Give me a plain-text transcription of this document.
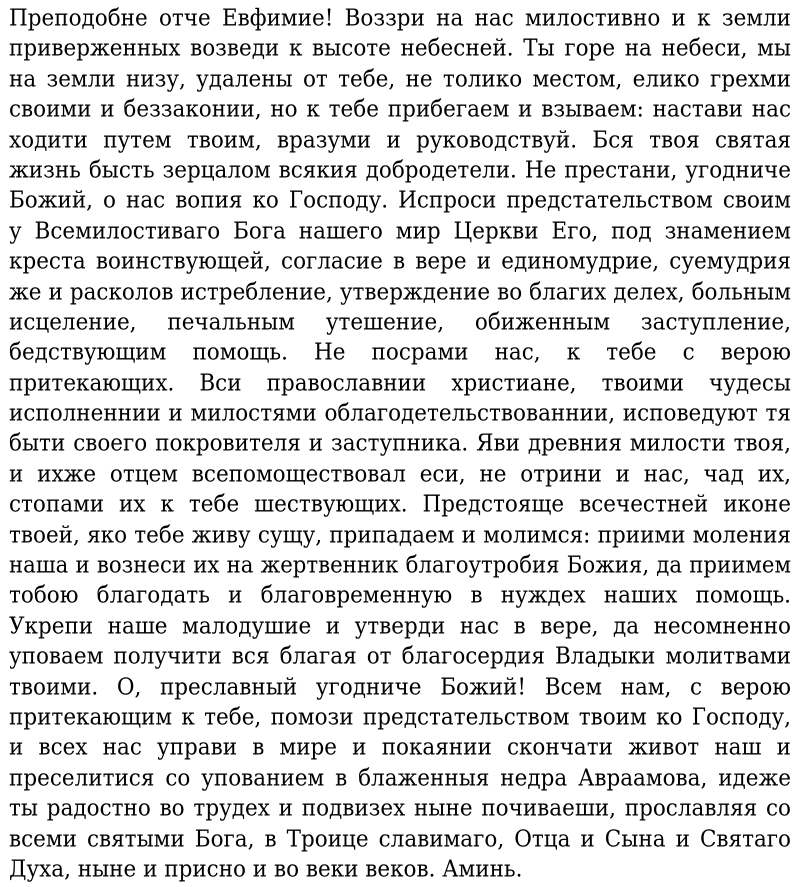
Преподобне отче Евфимие! Воззри на нас милостивно и к земли
приверженных возведи к высоте небесней. Ты горе на небеси, мы
на земли низу, удалены от тебе, не толико местом, елико грехми
своими и беззаконии, но к тебе прибегаем и взываем: настави нас
ходити путем твоим, вразуми и руководствуй. Бся твоя святая
жизнь бысть зерцалом всякия добродетели. Не престани, угодниче
Божий, о нас вопия ко Господу. Испроси предстательством своим
у Всемилостиваго Бога нашего мир Церкви Его, под знамением
креста воинствующей, согласие в вере и единомудрие, суемудрия
же и расколов истребление, утверждение во благих делех, больным
исцеление, печальным утешение, обиженным заступление,
бедствующим помощь. Не посрами нас, к тебе с верою
притекающих. Вси православнии христиане, твоими чудесы
исполненнии и милостями облагодетельствованнии, исповедуют тя
быти своего покровителя и заступника. Яви древния милости твоя,
и ихже отцем всепомоществовал еси, не отрини и нас, чад их,
стопами их к тебе шествующих. Предстояще всечестней иконе
твоей, яко тебе живу сущу, припадаем и молимся: приими моления
наша и вознеси их на жертвенник благоутробия Божия, да приимем
тобою благодать и благовременную в нуждех наших помощь.
Укрепи наше малодушие и утверди нас в вере, да несомненно
уповаем получити вся благая от благосердия Владыки молитвами
твоими. О, преславный угодниче Божий! Всем нам, с верою
притекающим к тебе, помози предстательством твоим ко Господу,
и всех нас управи в мире и покаянии скончати живот наш и
преселитися со упованием в блаженныя недра Авраамова, идеже
ты радостно во трудех и подвизех ныне почиваеши, прославляя со
всеми святыми Бога, в Троице славимаго, Отца и Сына и Святаго
Духа, ныне и присно и во веки веков. Аминь.
